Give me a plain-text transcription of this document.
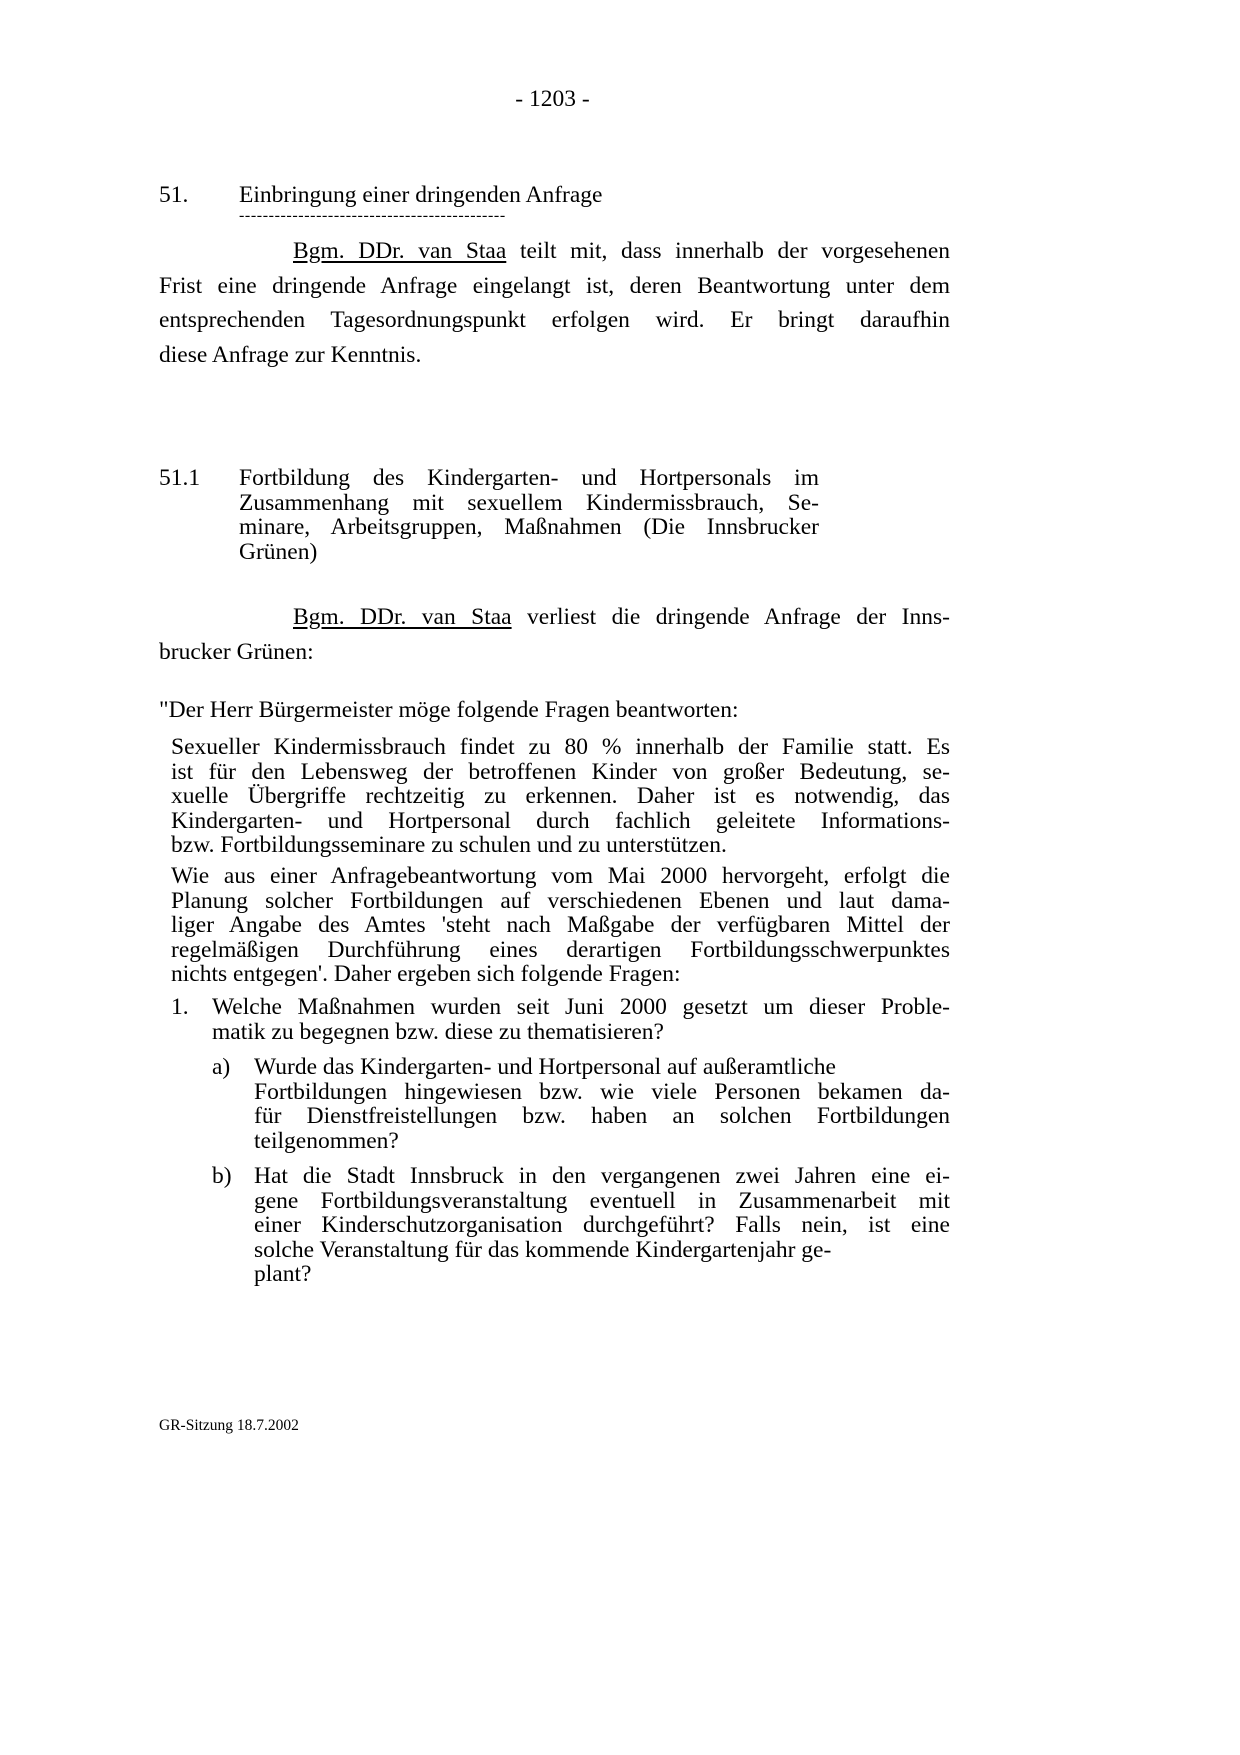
- 1203 -
51. Einbringung einer dringenden Anfrage
---------------------------------------------
Bgm. DDr. van Staa teilt mit, dass innerhalb der vorgesehenen
Frist eine dringende Anfrage eingelangt ist, deren Beantwortung unter dem
entsprechenden Tagesordnungspunkt erfolgen wird. Er bringt daraufhin
diese Anfrage zur Kenntnis.
51.1 Fortbildung des Kindergarten- und Hortpersonals im
Zusammenhang mit sexuellem Kindermissbrauch, Se-
minare, Arbeitsgruppen, Maßnahmen (Die Innsbrucker
Grünen)
Bgm. DDr. van Staa verliest die dringende Anfrage der Inns-
brucker Grünen:
"Der Herr Bürgermeister möge folgende Fragen beantworten:
Sexueller Kindermissbrauch findet zu 80 % innerhalb der Familie statt. Es
ist für den Lebensweg der betroffenen Kinder von großer Bedeutung, se-
xuelle Übergriffe rechtzeitig zu erkennen. Daher ist es notwendig, das
Kindergarten- und Hortpersonal durch fachlich geleitete Informations-
bzw. Fortbildungsseminare zu schulen und zu unterstützen.
Wie aus einer Anfragebeantwortung vom Mai 2000 hervorgeht, erfolgt die
Planung solcher Fortbildungen auf verschiedenen Ebenen und laut dama-
liger Angabe des Amtes 'steht nach Maßgabe der verfügbaren Mittel der
regelmäßigen Durchführung eines derartigen Fortbildungsschwerpunktes
nichts entgegen'. Daher ergeben sich folgende Fragen:
1. Welche Maßnahmen wurden seit Juni 2000 gesetzt um dieser Proble-
matik zu begegnen bzw. diese zu thematisieren?
a) Wurde das Kindergarten- und Hortpersonal auf außeramtliche
Fortbildungen hingewiesen bzw. wie viele Personen bekamen da-
für Dienstfreistellungen bzw. haben an solchen Fortbildungen
teilgenommen?
b) Hat die Stadt Innsbruck in den vergangenen zwei Jahren eine ei-
gene Fortbildungsveranstaltung eventuell in Zusammenarbeit mit
einer Kinderschutzorganisation durchgeführt? Falls nein, ist eine
solche Veranstaltung für das kommende Kindergartenjahr ge-
plant?
GR-Sitzung 18.7.2002
